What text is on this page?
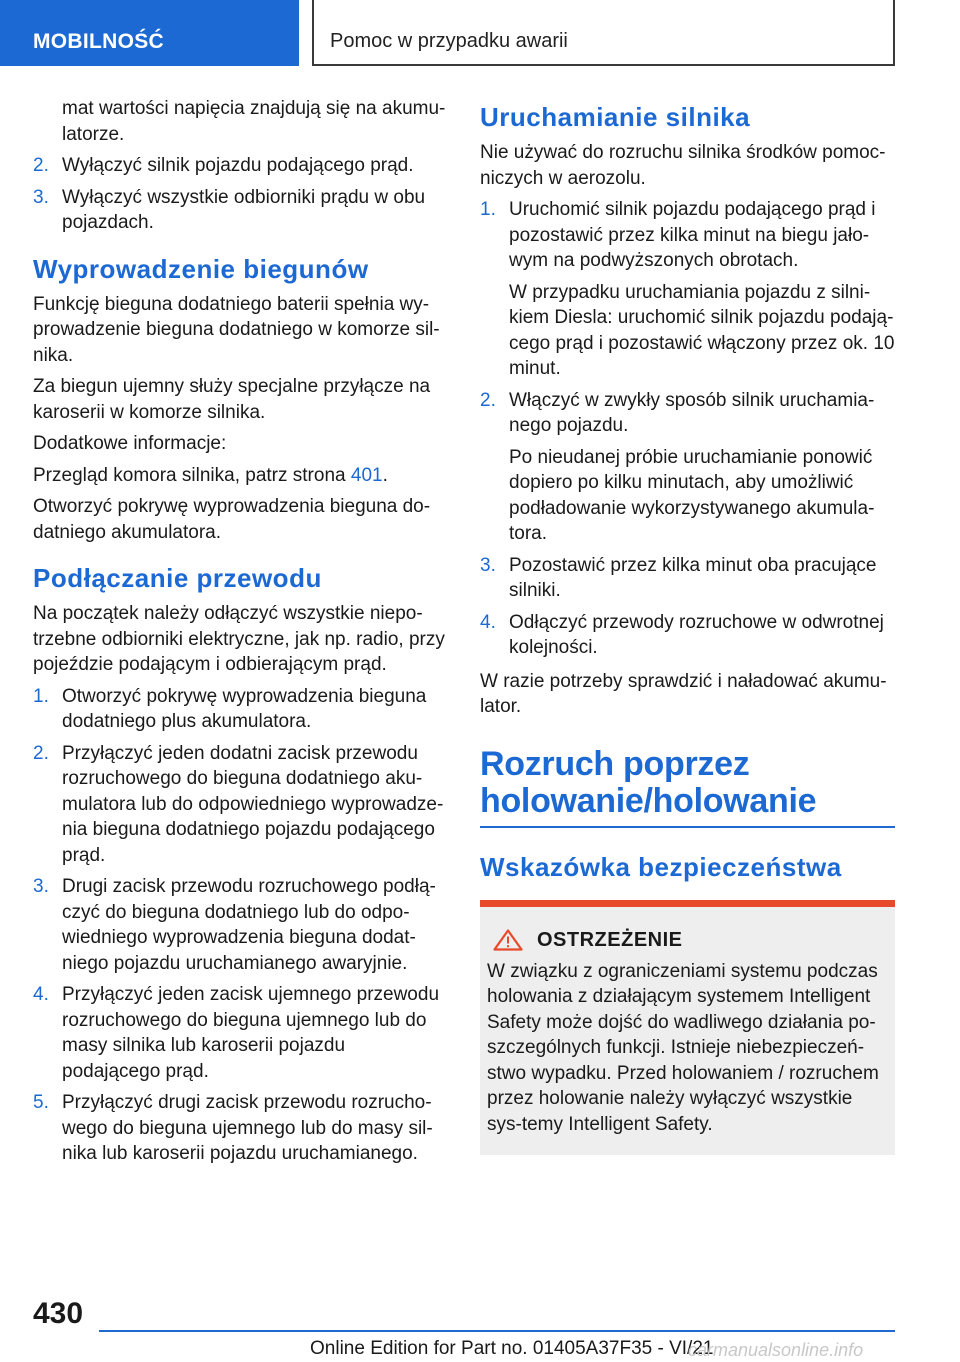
MOBILNOŚĆ	Pomoc w przypadku awarii

mat wartości napięcia znajdują się na akumu-latorze.

2. Wyłączyć silnik pojazdu podającego prąd.
3. Wyłączyć wszystkie odbiorniki prądu w obu pojazdach.
Wyprowadzenie biegunów

Funkcję bieguna dodatniego baterii spełnia wy-prowadzenie bieguna dodatniego w komorze sil-nika.

Za biegun ujemny służy specjalne przyłącze na karoserii w komorze silnika.

Dodatkowe informacje:

Przegląd komora silnika, patrz strona 401.

Otworzyć pokrywę wyprowadzenia bieguna do-datniego akumulatora.

Podłączanie przewodu

Na początek należy odłączyć wszystkie niepo-trzebne odbiorniki elektryczne, jak np. radio, przy pojeździe podającym i odbierającym prąd.

1. Otworzyć pokrywę wyprowadzenia bieguna dodatniego plus akumulatora.
2. Przyłączyć jeden dodatni zacisk przewodu rozruchowego do bieguna dodatniego aku-mulatora lub do odpowiedniego wyprowadze-nia bieguna dodatniego pojazdu podającego prąd.
3. Drugi zacisk przewodu rozruchowego podłą-czyć do bieguna dodatniego lub do odpo-wiedniego wyprowadzenia bieguna dodat-niego pojazdu uruchamianego awaryjnie.
4. Przyłączyć jeden zacisk ujemnego przewodu rozruchowego do bieguna ujemnego lub do masy silnika lub karoserii pojazdu podającego prąd.
5. Przyłączyć drugi zacisk przewodu rozrucho-wego do bieguna ujemnego lub do masy sil-nika lub karoserii pojazdu uruchamianego.
Uruchamianie silnika

Nie używać do rozruchu silnika środków pomoc-niczych w aerozolu.

1. Uruchomić silnik pojazdu podającego prąd i pozostawić przez kilka minut na biegu jało-wym na podwyższonych obrotach.
W przypadku uruchamiania pojazdu z silni-kiem Diesla: uruchomić silnik pojazdu podają-cego prąd i pozostawić włączony przez ok. 10 minut.
2. Włączyć w zwykły sposób silnik uruchamia-nego pojazdu.
Po nieudanej próbie uruchamianie ponowić dopiero po kilku minutach, aby umożliwić podładowanie wykorzystywanego akumula-tora.
3. Pozostawić przez kilka minut oba pracujące silniki.
4. Odłączyć przewody rozruchowe w odwrotnej kolejności.

W razie potrzeby sprawdzić i naładować akumu-lator.

Rozruch poprzez holowanie/holowanie
Wskazówka bezpieczeństwa
OSTRZEŻENIE

W związku z ograniczeniami systemu podczas holowania z działającym systemem Intelligent Safety może dojść do wadliwego działania po-szczególnych funkcji. Istnieje niebezpieczeń-stwo wypadku. Przed holowaniem / rozruchem przez holowanie należy wyłączyć wszystkie sys-temy Intelligent Safety.

430
Online Edition for Part no. 01405A37F35 - VI/21
carmanualsonline.info
